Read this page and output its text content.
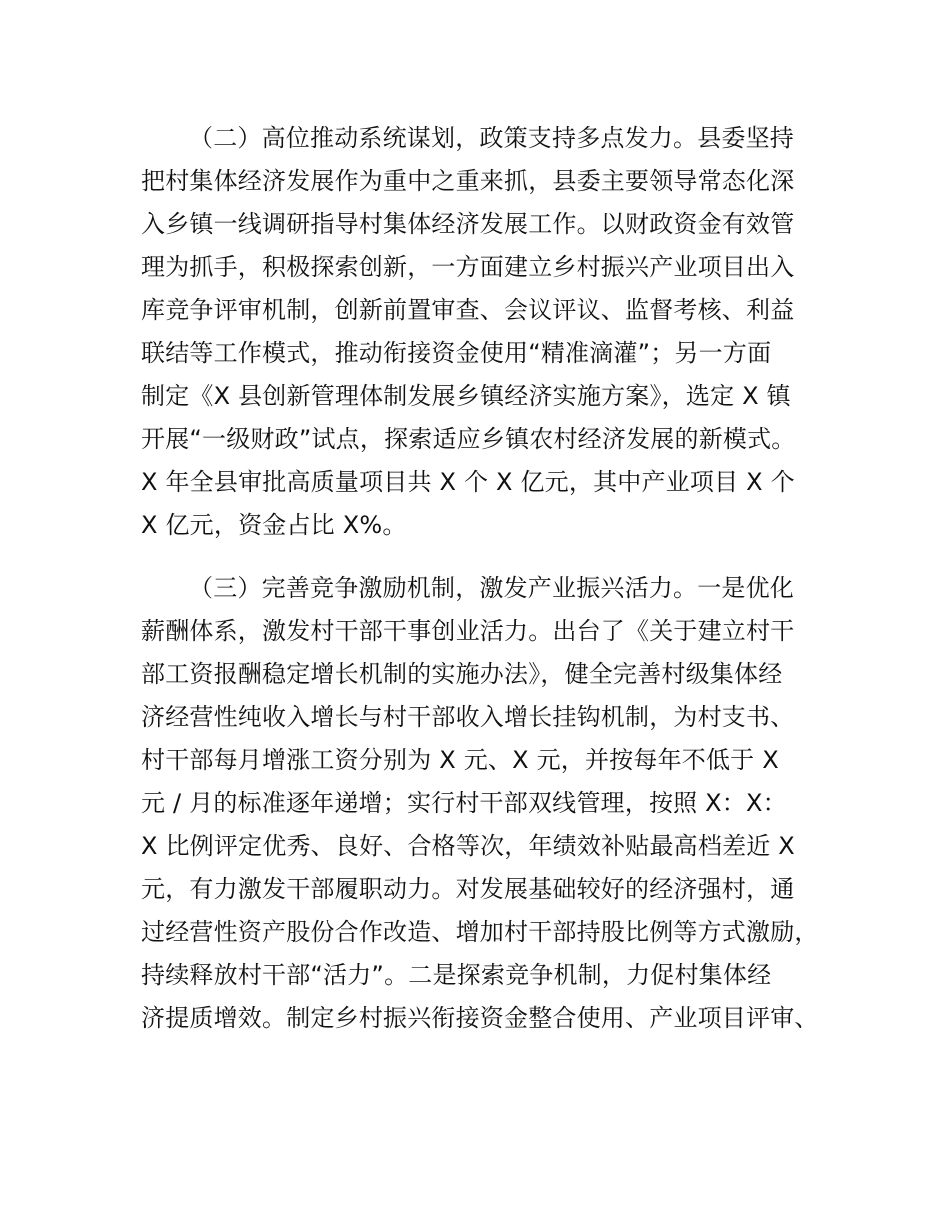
（二）高位推动系统谋划，政策支持多点发力。县委坚持
把村集体经济发展作为重中之重来抓，县委主要领导常态化深
入乡镇一线调研指导村集体经济发展工作。以财政资金有效管
理为抓手，积极探索创新，一方面建立乡村振兴产业项目出入
库竞争评审机制，创新前置审查、会议评议、监督考核、利益
联结等工作模式，推动衔接资金使用“精准滴灌”；另一方面
制定《X 县创新管理体制发展乡镇经济实施方案》，选定 X 镇
开展“一级财政”试点，探索适应乡镇农村经济发展的新模式。
X 年全县审批高质量项目共 X 个 X 亿元，其中产业项目 X 个
X 亿元，资金占比 X%。
（三）完善竞争激励机制，激发产业振兴活力。一是优化
薪酬体系，激发村干部干事创业活力。出台了《关于建立村干
部工资报酬稳定增长机制的实施办法》，健全完善村级集体经
济经营性纯收入增长与村干部收入增长挂钩机制，为村支书、
村干部每月增涨工资分别为 X 元、X 元，并按每年不低于 X
元 / 月的标准逐年递增；实行村干部双线管理，按照 X：X：
X 比例评定优秀、良好、合格等次，年绩效补贴最高档差近 X
元，有力激发干部履职动力。对发展基础较好的经济强村，通
过经营性资产股份合作改造、增加村干部持股比例等方式激励，
持续释放村干部“活力”。二是探索竞争机制，力促村集体经
济提质增效。制定乡村振兴衔接资金整合使用、产业项目评审、
